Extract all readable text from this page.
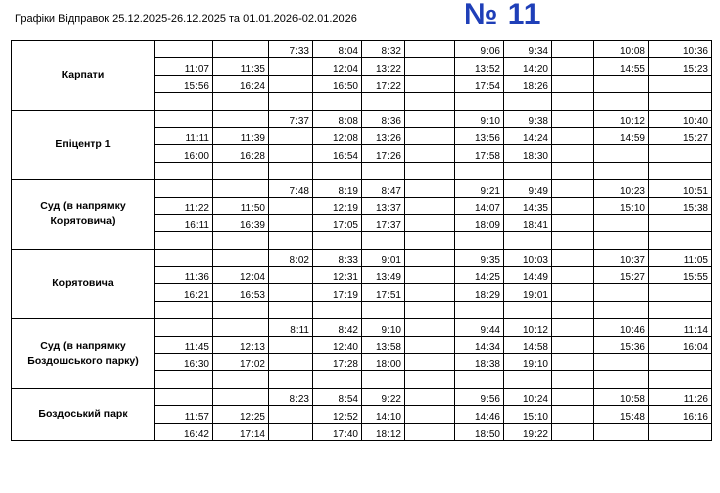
Графіки Відправок 25.12.2025-26.12.2025 та 01.01.2026-02.01.2026	№ 11
Карпати			7:33	8:04	8:32		9:06	9:34		10:08	10:36
	11:07	11:35		12:04	13:22		13:52	14:20		14:55	15:23
	15:56	16:24		16:50	17:22		17:54	18:26			

Епіцентр 1			7:37	8:08	8:36		9:10	9:38		10:12	10:40
	11:11	11:39		12:08	13:26		13:56	14:24		14:59	15:27
	16:00	16:28		16:54	17:26		17:58	18:30			

Суд (в напрямку Корятовича)			7:48	8:19	8:47		9:21	9:49		10:23	10:51
	11:22	11:50		12:19	13:37		14:07	14:35		15:10	15:38
	16:11	16:39		17:05	17:37		18:09	18:41			

Корятовича			8:02	8:33	9:01		9:35	10:03		10:37	11:05
	11:36	12:04		12:31	13:49		14:25	14:49		15:27	15:55
	16:21	16:53		17:19	17:51		18:29	19:01			

Суд (в напрямку Боздошського парку)			8:11	8:42	9:10		9:44	10:12		10:46	11:14
	11:45	12:13		12:40	13:58		14:34	14:58		15:36	16:04
	16:30	17:02		17:28	18:00		18:38	19:10			

Боздоський парк			8:23	8:54	9:22		9:56	10:24		10:58	11:26
	11:57	12:25		12:52	14:10		14:46	15:10		15:48	16:16
	16:42	17:14		17:40	18:12		18:50	19:22			
